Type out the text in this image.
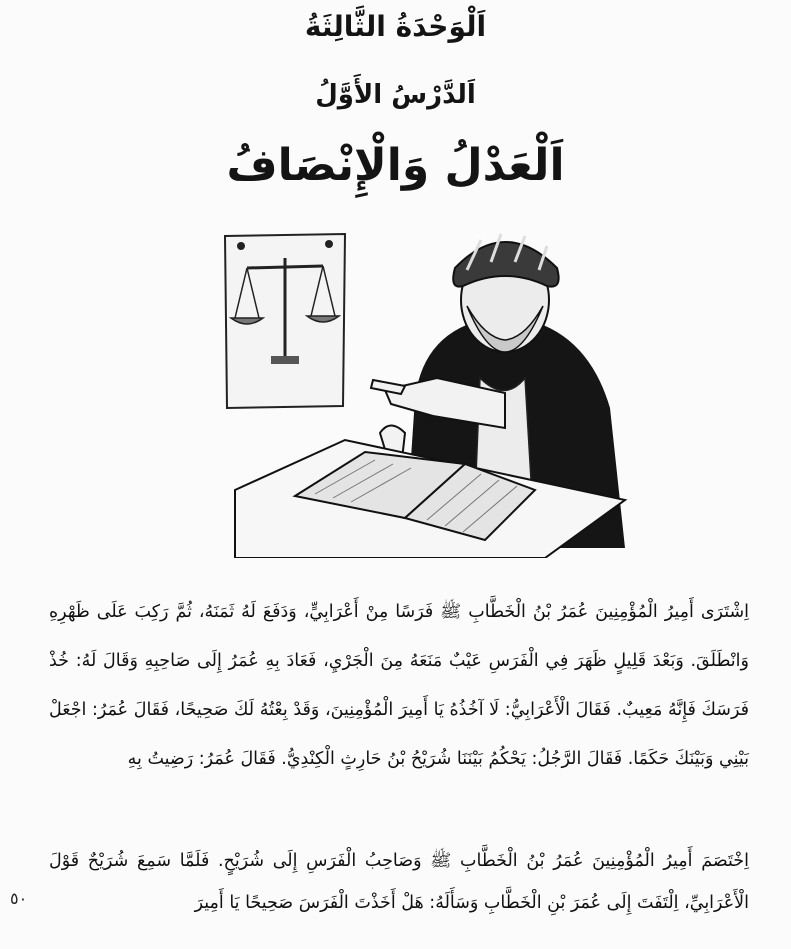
اَلْوَحْدَةُ الثَّالِثَةُ
اَلدَّرْسُ الأَوَّلُ
اَلْعَدْلُ وَالْإِنْصَافُ
اِشْتَرَى أَمِيرُ الْمُؤْمِنِينَ عُمَرُ بْنُ الْخَطَّابِ ﷺ فَرَسًا مِنْ أَعْرَابِيٍّ، وَدَفَعَ لَهُ ثَمَنَهُ، ثُمَّ رَكِبَ عَلَى ظَهْرِهِ وَانْطَلَقَ. وَبَعْدَ قَلِيلٍ ظَهَرَ فِي الْفَرَسِ عَيْبٌ مَنَعَهُ مِنَ الْجَرْيِ، فَعَادَ بِهِ عُمَرُ إِلَى صَاحِبِهِ وَقَالَ لَهُ: خُذْ فَرَسَكَ فَإِنَّهُ مَعِيبٌ. فَقَالَ الْأَعْرَابِيُّ: لَا آخُذُهُ يَا أَمِيرَ الْمُؤْمِنِينَ، وَقَدْ بِعْتُهُ لَكَ صَحِيحًا، فَقَالَ عُمَرُ: اجْعَلْ بَيْنِي وَبَيْنَكَ حَكَمًا. فَقَالَ الرَّجُلُ: يَحْكُمُ بَيْنَنَا شُرَيْحُ بْنُ حَارِثٍ الْكِنْدِيُّ. فَقَالَ عُمَرُ: رَضِيتُ بِهِ
اِخْتَصَمَ أَمِيرُ الْمُؤْمِنِينَ عُمَرُ بْنُ الْخَطَّابِ ﷺ وَصَاحِبُ الْفَرَسِ إِلَى شُرَيْحٍ. فَلَمَّا سَمِعَ شُرَيْحٌ قَوْلَ الْأَعْرَابِيِّ، اِلْتَفَتَ إِلَى عُمَرَ بْنِ الْخَطَّابِ وَسَأَلَهُ: هَلْ أَخَذْتَ الْفَرَسَ صَحِيحًا يَا أَمِيرَ
٥٠
